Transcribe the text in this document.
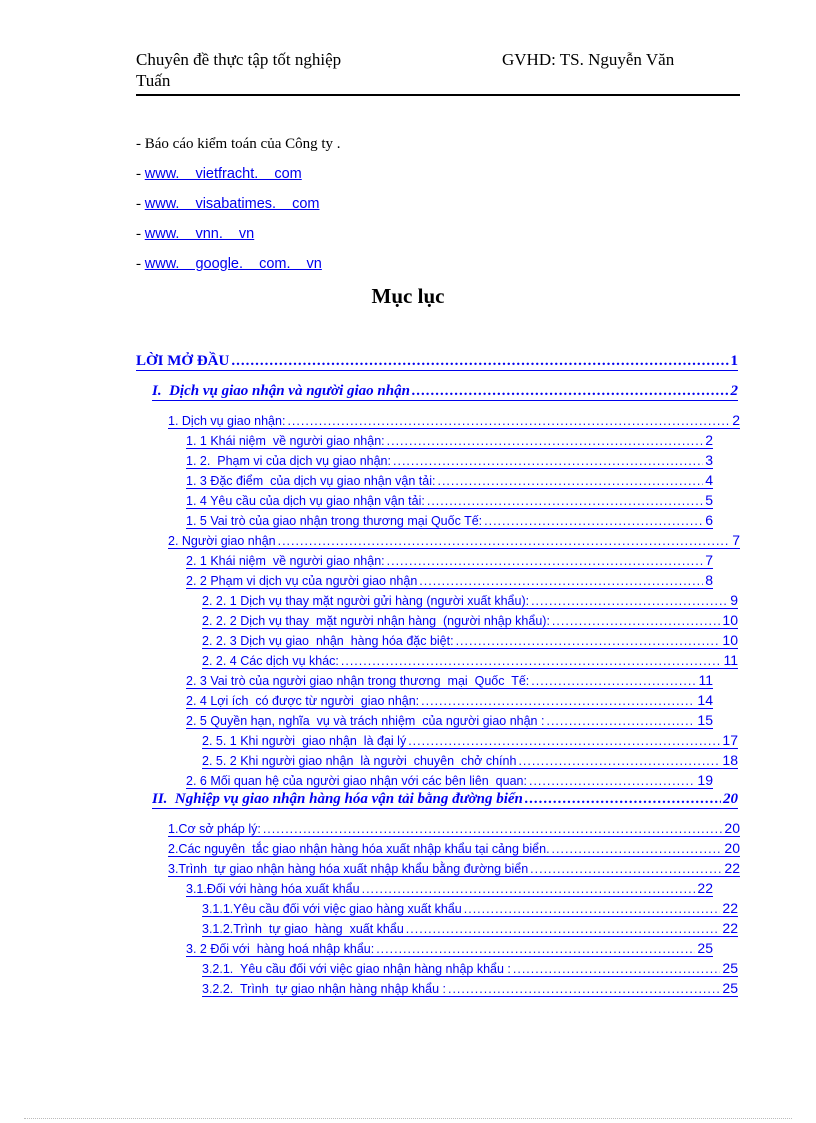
Chuyên đề thực tập tốt nghiệp	GVHD: TS. Nguyễn Văn
Tuấn
- Báo cáo kiểm toán của Công ty .
- www.  vietfracht.  com
- www.  visabatimes.  com
- www.  vnn.  vn
- www.  google.  com.  vn
Mục lục
LỜI MỞ ĐẦU .....	1
I.  Dịch vụ giao nhận và người giao nhận .....	2
1. Dịch vụ giao nhận: .....	2
1. 1 Khái niệm  về người giao nhận: .....	2
1. 2.  Phạm vi của dịch vụ giao nhận: .....	3
1. 3 Đặc điểm  của dịch vụ giao nhận vận tải: .....	4
1. 4 Yêu cầu của dịch vụ giao nhận vận tải: .....	5
1. 5 Vai trò của giao nhận trong thương mại Quốc Tế: .....	6
2. Người giao nhận .....	7
2. 1 Khái niệm  về người giao nhận: .....	7
2. 2 Phạm vi dịch vụ của người giao nhận .....	8
2. 2. 1 Dịch vụ thay mặt người gửi hàng (người xuất khẩu): .....	9
2. 2. 2 Dịch vụ thay  mặt người nhận hàng  (người nhập khẩu): .....	10
2. 2. 3 Dịch vụ giao  nhận  hàng hóa đặc biệt: .....	10
2. 2. 4 Các dịch vụ khác: .....	11
2. 3 Vai trò của người giao nhận trong thương  mại  Quốc  Tế: .....	11
2. 4 Lợi ích  có được từ người  giao nhận: .....	14
2. 5 Quyền hạn, nghĩa  vụ và trách nhiệm  của người giao nhận : .....	15
2. 5. 1 Khi người  giao nhận  là đại lý .....	17
2. 5. 2 Khi người giao nhận  là người  chuyên  chở chính .....	18
2. 6 Mối quan hệ của người giao nhận với các bên liên  quan: .....	19
II.  Nghiệp vụ giao nhận hàng hóa vận tải bằng đường biển .....	20
1.Cơ sở pháp lý: .....	20
2.Các nguyên  tắc giao nhận hàng hóa xuất nhập khẩu tại cảng biển. .....	20
3.Trình  tự giao nhận hàng hóa xuất nhập khẩu bằng đường biển .....	22
3.1.Đối với hàng hóa xuất khẩu .....	22
3.1.1.Yêu cầu đối với việc giao hàng xuất khẩu .....	22
3.1.2.Trình  tự giao  hàng  xuất khẩu .....	22
3. 2 Đối với  hàng hoá nhập khẩu: .....	25
3.2.1.  Yêu cầu đối với việc giao nhận hàng nhập khẩu : .....	25
3.2.2.  Trình  tự giao nhận hàng nhập khẩu : .....	25
